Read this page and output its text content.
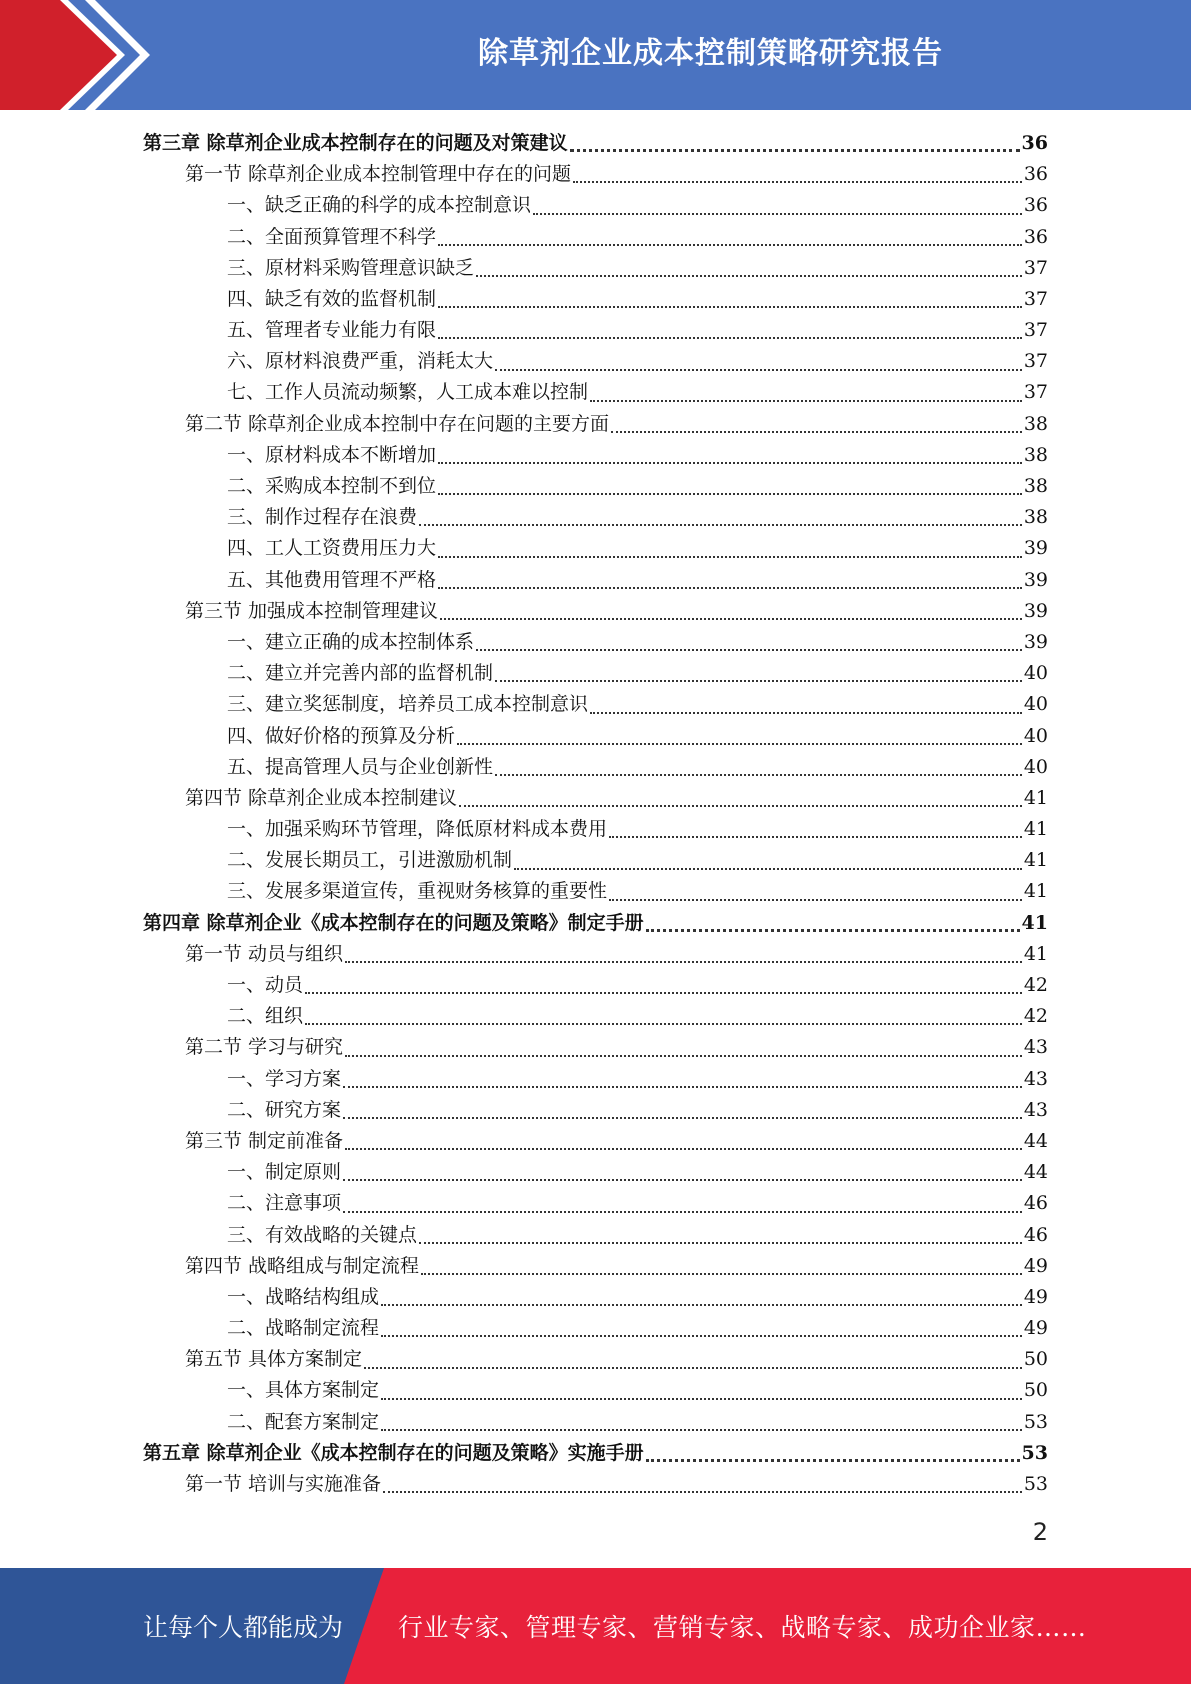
除草剂企业成本控制策略研究报告
第三章 除草剂企业成本控制存在的问题及对策建议	36
第一节 除草剂企业成本控制管理中存在的问题	36
一、缺乏正确的科学的成本控制意识	36
二、全面预算管理不科学	36
三、原材料采购管理意识缺乏	37
四、缺乏有效的监督机制	37
五、管理者专业能力有限	37
六、原材料浪费严重，消耗太大	37
七、工作人员流动频繁，人工成本难以控制	37
第二节 除草剂企业成本控制中存在问题的主要方面	38
一、原材料成本不断增加	38
二、采购成本控制不到位	38
三、制作过程存在浪费	38
四、工人工资费用压力大	39
五、其他费用管理不严格	39
第三节 加强成本控制管理建议	39
一、建立正确的成本控制体系	39
二、建立并完善内部的监督机制	40
三、建立奖惩制度，培养员工成本控制意识	40
四、做好价格的预算及分析	40
五、提高管理人员与企业创新性	40
第四节 除草剂企业成本控制建议	41
一、加强采购环节管理，降低原材料成本费用	41
二、发展长期员工，引进激励机制	41
三、发展多渠道宣传，重视财务核算的重要性	41
第四章 除草剂企业《成本控制存在的问题及策略》制定手册	41
第一节 动员与组织	41
一、动员	42
二、组织	42
第二节 学习与研究	43
一、学习方案	43
二、研究方案	43
第三节 制定前准备	44
一、制定原则	44
二、注意事项	46
三、有效战略的关键点	46
第四节 战略组成与制定流程	49
一、战略结构组成	49
二、战略制定流程	49
第五节 具体方案制定	50
一、具体方案制定	50
二、配套方案制定	53
第五章 除草剂企业《成本控制存在的问题及策略》实施手册	53
第一节 培训与实施准备	53
2
让每个人都能成为 行业专家、管理专家、营销专家、战略专家、成功企业家……
